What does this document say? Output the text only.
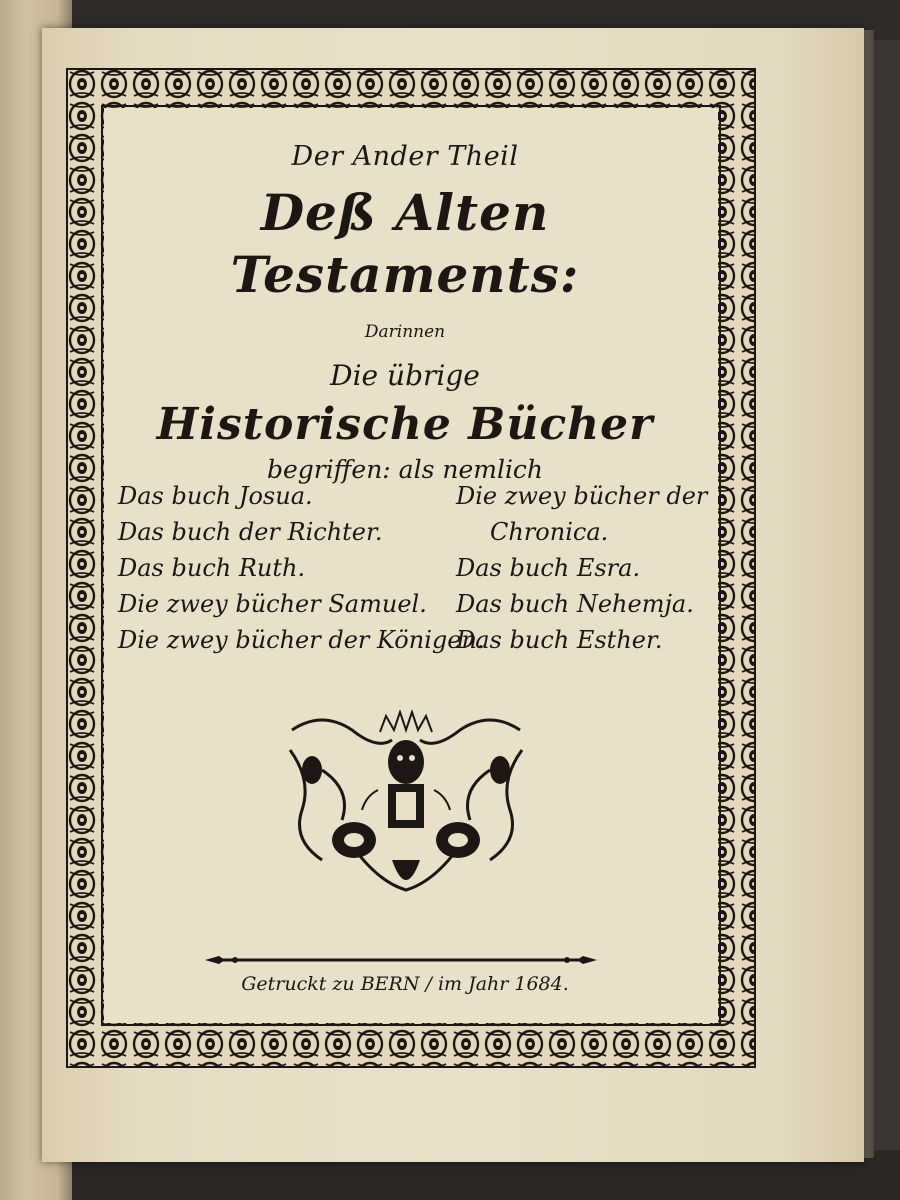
Der Ander Theil
Deß Alten Testaments:
Darinnen
Die übrige
Historische Bücher
begriffen: als nemlich
Das buch Josua.
Das buch der Richter.
Das buch Ruth.
Die zwey bücher Samuel.
Die zwey bücher der Königen.
Die zwey bücher der
Chronica.
Das buch Esra.
Das buch Nehemja.
Das buch Esther.
Getruckt zu BERN / im Jahr 1684.
